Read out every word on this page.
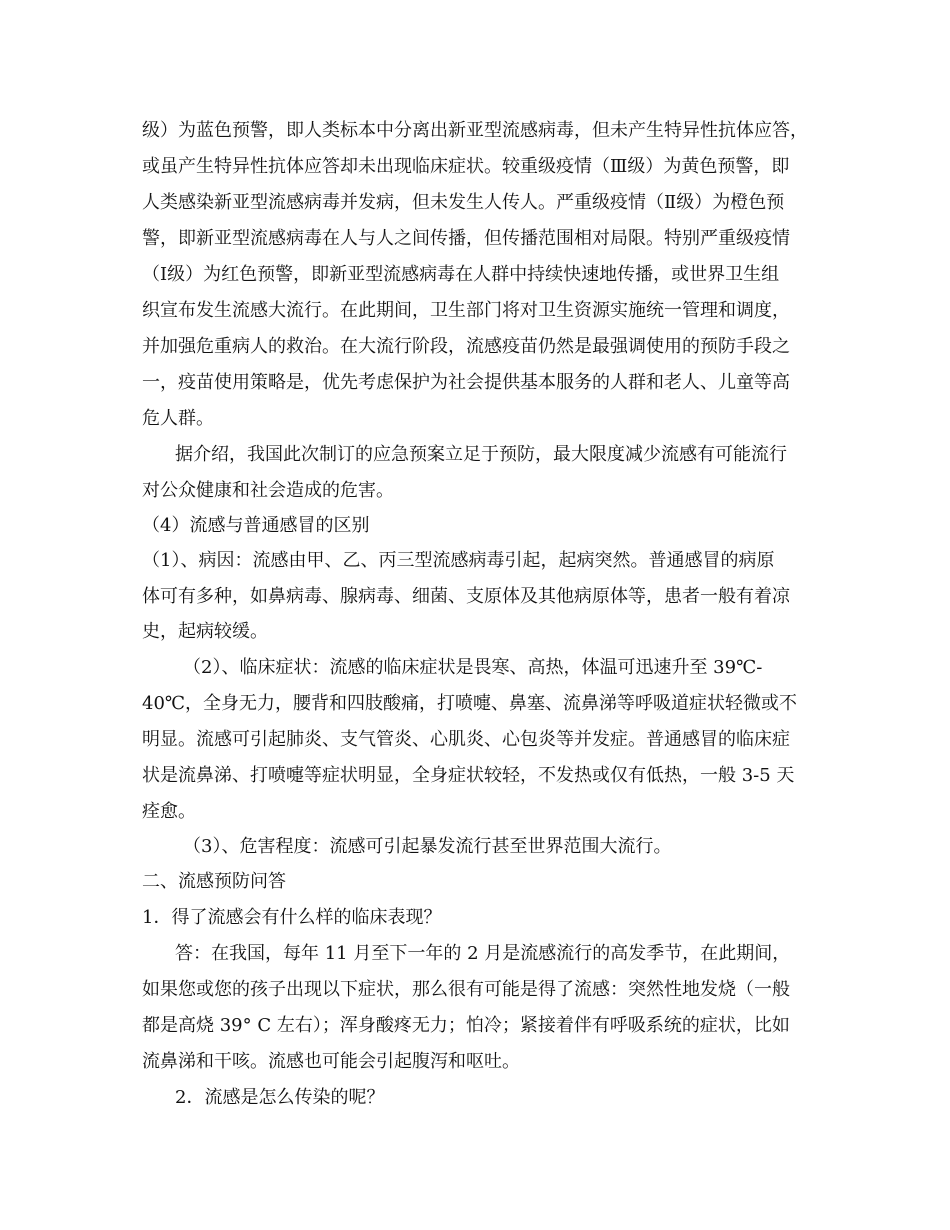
级）为蓝色预警，即人类标本中分离出新亚型流感病毒，但未产生特异性抗体应答，

或虽产生特异性抗体应答却未出现临床症状。较重级疫情（Ⅲ级）为黄色预警，即

人类感染新亚型流感病毒并发病，但未发生人传人。严重级疫情（Ⅱ级）为橙色预

警，即新亚型流感病毒在人与人之间传播，但传播范围相对局限。特别严重级疫情

（Ⅰ级）为红色预警，即新亚型流感病毒在人群中持续快速地传播，或世界卫生组

织宣布发生流感大流行。在此期间，卫生部门将对卫生资源实施统一管理和调度，

并加强危重病人的救治。在大流行阶段，流感疫苗仍然是最强调使用的预防手段之

一，疫苗使用策略是，优先考虑保护为社会提供基本服务的人群和老人、儿童等高

危人群。

据介绍，我国此次制订的应急预案立足于预防，最大限度减少流感有可能流行

对公众健康和社会造成的危害。

（4）流感与普通感冒的区别

（1）、病因：流感由甲、乙、丙三型流感病毒引起，起病突然。普通感冒的病原

体可有多种，如鼻病毒、腺病毒、细菌、支原体及其他病原体等，患者一般有着凉

史，起病较缓。

（2）、临床症状：流感的临床症状是畏寒、高热，体温可迅速升至 39℃-

40℃，全身无力，腰背和四肢酸痛，打喷嚏、鼻塞、流鼻涕等呼吸道症状轻微或不

明显。流感可引起肺炎、支气管炎、心肌炎、心包炎等并发症。普通感冒的临床症

状是流鼻涕、打喷嚏等症状明显，全身症状较轻，不发热或仅有低热，一般 3-5 天

痊愈。

（3）、危害程度：流感可引起暴发流行甚至世界范围大流行。

二、流感预防问答

1．得了流感会有什么样的临床表现？

答：在我国，每年 11 月至下一年的 2 月是流感流行的高发季节，在此期间，

如果您或您的孩子出现以下症状，那么很有可能是得了流感：突然性地发烧（一般

都是高烧 39° C 左右）；浑身酸疼无力；怕冷；紧接着伴有呼吸系统的症状，比如

流鼻涕和干咳。流感也可能会引起腹泻和呕吐。

2．流感是怎么传染的呢？
